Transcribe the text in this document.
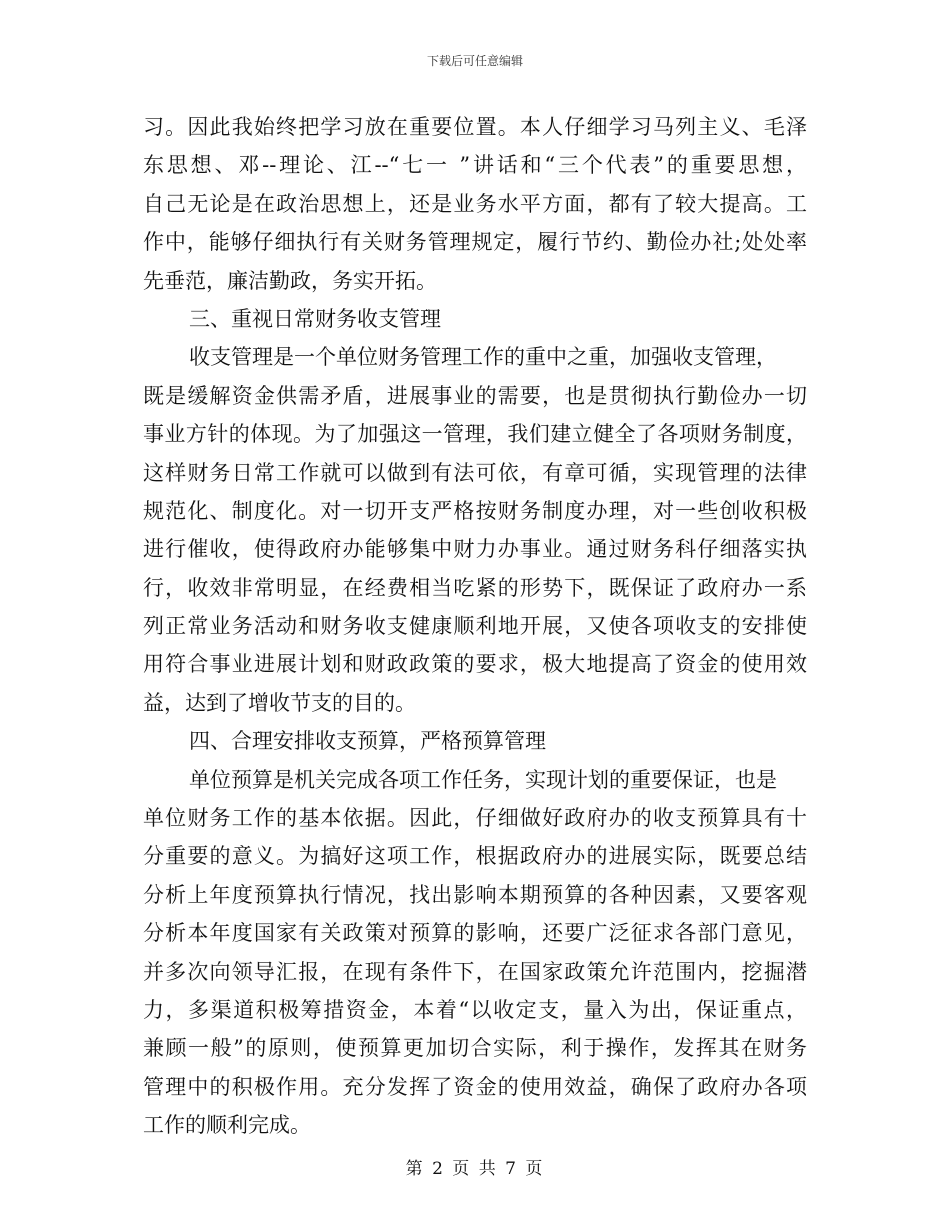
下载后可任意编辑
习。因此我始终把学习放在重要位置。本人仔细学习马列主义、毛泽
东思想、邓--理论、江--“七一 ”讲话和“三个代表”的重要思想，
自己无论是在政治思想上，还是业务水平方面，都有了较大提高。工
作中，能够仔细执行有关财务管理规定，履行节约、勤俭办社;处处率
先垂范，廉洁勤政，务实开拓。
三、重视日常财务收支管理
收支管理是一个单位财务管理工作的重中之重，加强收支管理，
既是缓解资金供需矛盾，进展事业的需要，也是贯彻执行勤俭办一切
事业方针的体现。为了加强这一管理，我们建立健全了各项财务制度，
这样财务日常工作就可以做到有法可依，有章可循，实现管理的法律
规范化、制度化。对一切开支严格按财务制度办理，对一些创收积极
进行催收，使得政府办能够集中财力办事业。通过财务科仔细落实执
行，收效非常明显，在经费相当吃紧的形势下，既保证了政府办一系
列正常业务活动和财务收支健康顺利地开展，又使各项收支的安排使
用符合事业进展计划和财政政策的要求，极大地提高了资金的使用效
益，达到了增收节支的目的。
四、合理安排收支预算，严格预算管理
单位预算是机关完成各项工作任务，实现计划的重要保证，也是
单位财务工作的基本依据。因此，仔细做好政府办的收支预算具有十
分重要的意义。为搞好这项工作，根据政府办的进展实际，既要总结
分析上年度预算执行情况，找出影响本期预算的各种因素，又要客观
分析本年度国家有关政策对预算的影响，还要广泛征求各部门意见，
并多次向领导汇报，在现有条件下，在国家政策允许范围内，挖掘潜
力，多渠道积极筹措资金，本着“以收定支，量入为出，保证重点，
兼顾一般”的原则，使预算更加切合实际，利于操作，发挥其在财务
管理中的积极作用。充分发挥了资金的使用效益，确保了政府办各项
工作的顺利完成。
第 2 页 共 7 页
